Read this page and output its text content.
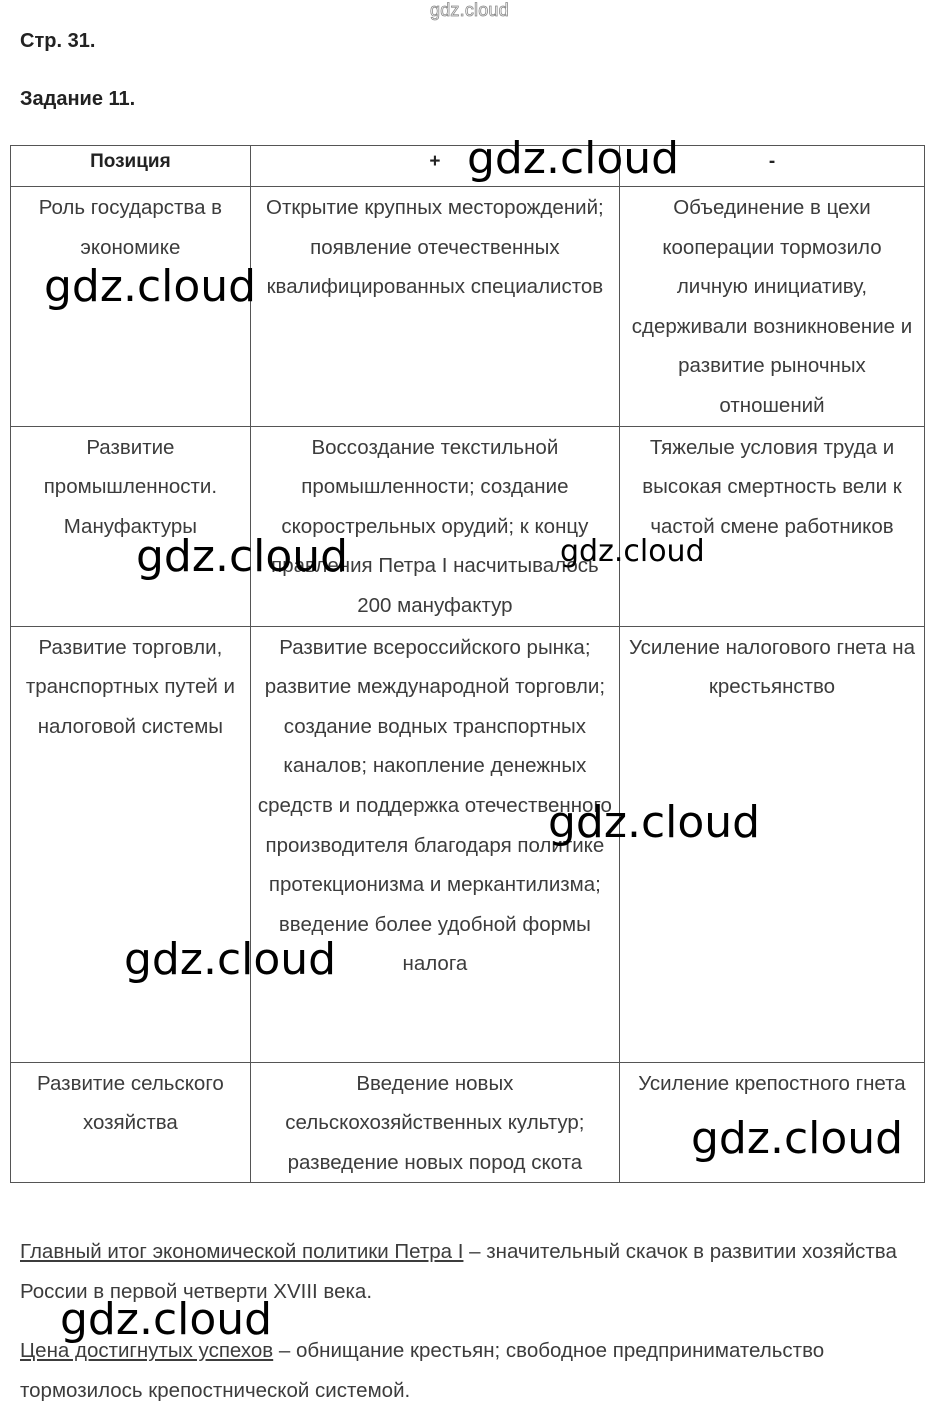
gdz.cloud
Стр. 31.
Задание 11.
Позиция	+	-

Роль государства в экономике	Открытие крупных месторождений; появление отечественных квалифицированных специалистов	Объединение в цехи кооперации тормозило личную инициативу, сдерживали возникновение и развитие рыночных отношений

Развитие промышленности. Мануфактуры	Воссоздание текстильной промышленности; создание скорострельных орудий; к концу правления Петра I насчитывалось 200 мануфактур	Тяжелые условия труда и высокая смертность вели к частой смене работников

Развитие торговли, транспортных путей и налоговой системы	Развитие всероссийского рынка; развитие международной торговли; создание водных транспортных каналов; накопление денежных средств и поддержка отечественного производителя благодаря политике протекционизма и меркантилизма; введение более удобной формы налога	Усиление налогового гнета на крестьянство

Развитие сельского хозяйства	Введение новых сельскохозяйственных культур; разведение новых пород скота	Усиление крепостного гнета
Главный итог экономической политики Петра I – значительный скачок в развитии хозяйства России в первой четверти XVIII века.
Цена достигнутых успехов – обнищание крестьян; свободное предпринимательство тормозилось крепостнической системой.
gdz.cloud
gdz.cloud
gdz.cloud	gdz.cloud
gdz.cloud
gdz.cloud
gdz.cloud
gdz.cloud
